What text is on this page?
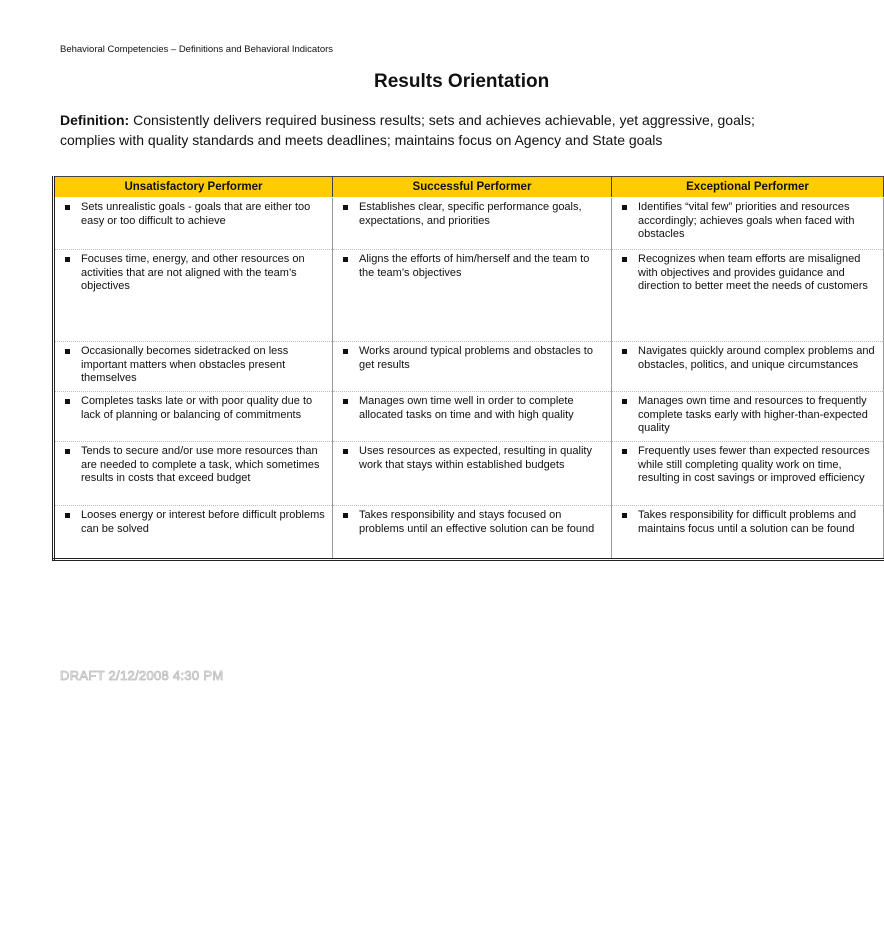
Behavioral Competencies – Definitions and Behavioral Indicators
Results Orientation
Definition: Consistently delivers required business results; sets and achieves achievable, yet aggressive, goals;
complies with quality standards and meets deadlines; maintains focus on Agency and State goals
Unsatisfactory Performer	Successful Performer	Exceptional Performer

Sets unrealistic goals - goals that are either too easy or too difficult to achieve	Establishes clear, specific performance goals, expectations, and priorities	Identifies “vital few” priorities and resources accordingly; achieves goals when faced with obstacles

Focuses time, energy, and other resources on activities that are not aligned with the team’s objectives	Aligns the efforts of him/herself and the team to the team’s objectives	Recognizes when team efforts are misaligned with objectives and provides guidance and direction to better meet the needs of customers

Occasionally becomes sidetracked on less important matters when obstacles present themselves	Works around typical problems and obstacles to get results	Navigates quickly around complex problems and obstacles, politics, and unique circumstances

Completes tasks late or with poor quality due to lack of planning or balancing of commitments	Manages own time well in order to complete allocated tasks on time and with high quality	Manages own time and resources to frequently complete tasks early with higher-than-expected quality

Tends to secure and/or use more resources than are needed to complete a task, which sometimes results in costs that exceed budget	Uses resources as expected, resulting in quality work that stays within established budgets	Frequently uses fewer than expected resources while still completing quality work on time, resulting in cost savings or improved efficiency

Looses energy or interest before difficult problems can be solved	Takes responsibility and stays focused on problems until an effective solution can be found	Takes responsibility for difficult problems and maintains focus until a solution can be found
DRAFT 2/12/2008 4:30 PM
